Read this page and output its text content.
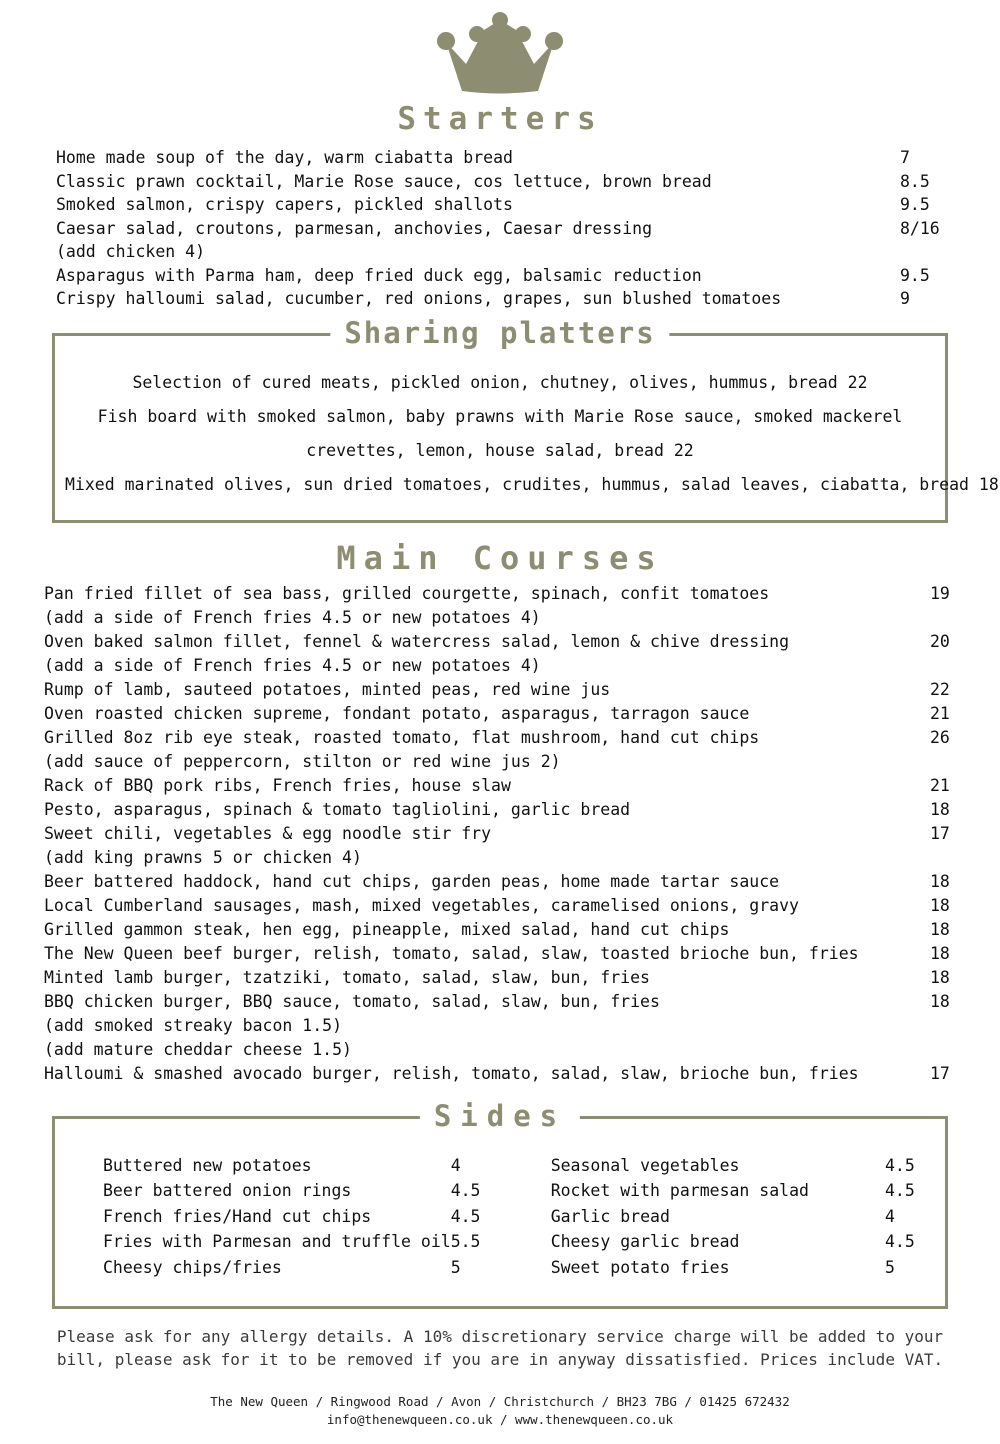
Starters
Home made soup of the day, warm ciabatta bread	7
Classic prawn cocktail, Marie Rose sauce, cos lettuce, brown bread	8.5
Smoked salmon, crispy capers, pickled shallots	9.5
Caesar salad, croutons, parmesan, anchovies, Caesar dressing	8/16
(add chicken 4)
Asparagus with Parma ham, deep fried duck egg, balsamic reduction	9.5
Crispy halloumi salad, cucumber, red onions, grapes, sun blushed tomatoes	9
Sharing platters
Selection of cured meats, pickled onion, chutney, olives, hummus, bread 22
Fish board with smoked salmon, baby prawns with Marie Rose sauce, smoked mackerel
crevettes, lemon, house salad, bread 22
Mixed marinated olives, sun dried tomatoes, crudites, hummus, salad leaves, ciabatta, bread 18
Main Courses
Pan fried fillet of sea bass, grilled courgette, spinach, confit tomatoes	19
(add a side of French fries 4.5 or new potatoes 4)
Oven baked salmon fillet, fennel & watercress salad, lemon & chive dressing	20
(add a side of French fries 4.5 or new potatoes 4)
Rump of lamb, sauteed potatoes, minted peas, red wine jus	22
Oven roasted chicken supreme, fondant potato, asparagus, tarragon sauce	21
Grilled 8oz rib eye steak, roasted tomato, flat mushroom, hand cut chips	26
(add sauce of peppercorn, stilton or red wine jus 2)
Rack of BBQ pork ribs, French fries, house slaw	21
Pesto, asparagus, spinach & tomato tagliolini, garlic bread	18
Sweet chili, vegetables & egg noodle stir fry	17
(add king prawns 5 or chicken 4)
Beer battered haddock, hand cut chips, garden peas, home made tartar sauce	18
Local Cumberland sausages, mash, mixed vegetables, caramelised onions, gravy	18
Grilled gammon steak, hen egg, pineapple, mixed salad, hand cut chips	18
The New Queen beef burger, relish, tomato, salad, slaw, toasted brioche bun, fries	18
Minted lamb burger, tzatziki, tomato, salad, slaw, bun, fries	18
BBQ chicken burger, BBQ sauce, tomato, salad, slaw, bun, fries	18
(add smoked streaky bacon 1.5)
(add mature cheddar cheese 1.5)
Halloumi & smashed avocado burger, relish, tomato, salad, slaw, brioche bun, fries	17
Sides
Buttered new potatoes	4
Beer battered onion rings	4.5
French fries/Hand cut chips	4.5
Fries with Parmesan and truffle oil 5.5
Cheesy chips/fries	5
Seasonal vegetables	4.5
Rocket with parmesan salad	4.5
Garlic bread	4
Cheesy garlic bread	4.5
Sweet potato fries	5
Please ask for any allergy details. A 10% discretionary service charge will be added to your
bill, please ask for it to be removed if you are in anyway dissatisfied. Prices include VAT.
The New Queen / Ringwood Road / Avon / Christchurch / BH23 7BG / 01425 672432
info@thenewqueen.co.uk / www.thenewqueen.co.uk
